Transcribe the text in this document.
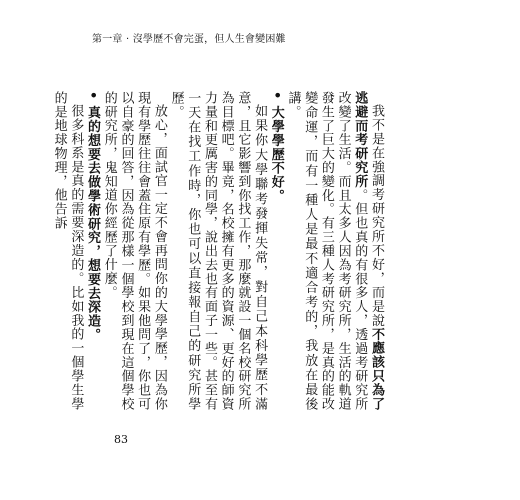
第一章 · 沒學歷不會完蛋，但人生會變困難

我不是在強調考研究所不好，而是說不應該只為了逃避而考研究所。但也真的有很多人，透過考研究所改變了生活。而且太多人因為考研究所，生活的軌道發生了巨大的變化。有三種人考研究所，是真的能改變命運，而有一種人是最不適合考的，我放在最後講。

• 大學學歷不好。

如果你大學聯考發揮失常，對自己本科學歷不滿意，且它影響到你找工作，那麼就設一個名校研究所為目標吧。畢竟，名校擁有更多的資源、更好的師資力量和更厲害的同學，說出去也有面子一些。甚至有一天在找工作時，你也可以直接報自己的研究所學歷。

放心，面試官一定不會再問你的大學學歷，因為你現有學歷往往會蓋住原有學歷。如果他問了，你也可以自豪的回答，因為從那樣一個學校到現在這個學校的研究所，鬼知道你經歷了什麼。

• 真的想要去做學術研究，想要去深造。

很多科系是真的需要深造的。比如我的一個學生學的是地球物理，他告訴

83
